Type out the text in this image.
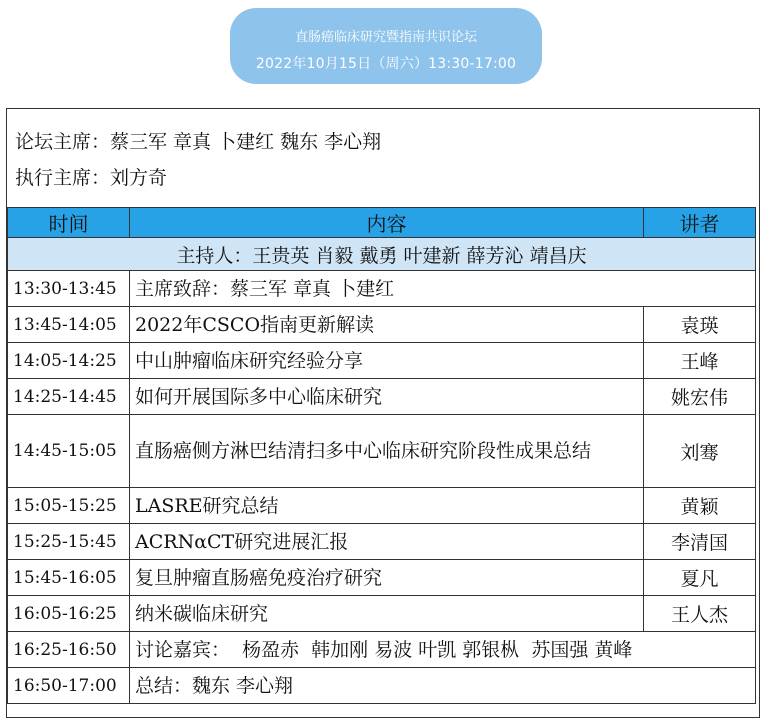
直肠癌临床研究暨指南共识论坛
2022年10月15日（周六）13:30-17:00
论坛主席：蔡三军 章真 卜建红 魏东 李心翔
执行主席：刘方奇
时间	内容	讲者
主持人：王贵英 肖毅 戴勇 叶建新 薛芳沁 靖昌庆		
13:30-13:45	主席致辞：蔡三军 章真 卜建红	
13:45-14:05	2022年CSCO指南更新解读	袁瑛
14:05-14:25	中山肿瘤临床研究经验分享	王峰
14:25-14:45	如何开展国际多中心临床研究	姚宏伟
14:45-15:05	直肠癌侧方淋巴结清扫多中心临床研究阶段性成果总结	刘骞
15:05-15:25	LASRE研究总结	黄颖
15:25-15:45	ACRNαCT研究进展汇报	李清国
15:45-16:05	复旦肿瘤直肠癌免疫治疗研究	夏凡
16:05-16:25	纳米碳临床研究	王人杰
16:25-16:50	讨论嘉宾：  杨盈赤  韩加刚 易波 叶凯 郭银枞  苏国强 黄峰	
16:50-17:00	总结：魏东 李心翔	
